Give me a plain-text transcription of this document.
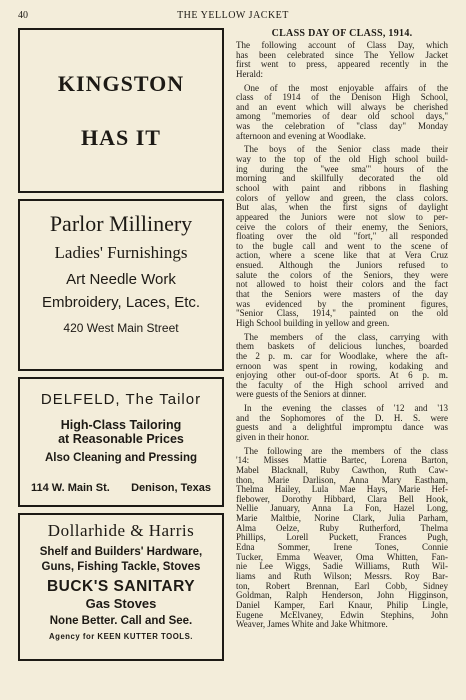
40	THE YELLOW JACKET
KINGSTON
HAS IT
Parlor Millinery
Ladies' Furnishings
Art Needle Work
Embroidery, Laces, Etc.
420 West Main Street
DELFELD, The Tailor
High-Class Tailoring
at Reasonable Prices
Also Cleaning and Pressing
114 W. Main St. Denison, Texas
Dollarhide & Harris
Shelf and Builders' Hardware,
Guns, Fishing Tackle, Stoves
BUCK'S SANITARY
Gas Stoves
None Better. Call and See.
Agency for KEEN KUTTER TOOLS.
CLASS DAY OF CLASS, 1914.
The following account of Class Day, which
has been celebrated since The Yellow Jacket
first went to press, appeared recently in the
Herald:
One of the most enjoyable affairs of the
class of 1914 of the Denison High School,
and an event which will always be cherished
among "memories of dear old school days,"
was the celebration of "class day" Monday
afternoon and evening at Woodlake.
The boys of the Senior class made their
way to the top of the old High school build-
ing during the "wee sma'" hours of the
morning and skillfully decorated the old
school with paint and ribbons in flashing
colors of yellow and green, the class colors.
But alas, when the first signs of daylight
appeared the Juniors were not slow to per-
ceive the colors of their enemy, the Seniors,
floating over the old "fort," all responded
to the bugle call and went to the scene of
action, where a scene like that at Vera Cruz
ensued. Although the Juniors refused to
salute the colors of the Seniors, they were
not allowed to hoist their colors and the fact
that the Seniors were masters of the day
was evidenced by the prominent figures,
"Senior Class, 1914," painted on the old
High School building in yellow and green.
The members of the class, carrying with
them baskets of delicious lunches, boarded
the 2 p. m. car for Woodlake, where the aft-
ernoon was spent in rowing, kodaking and
enjoying other out-of-door sports. At 6 p. m.
the faculty of the High school arrived and
were guests of the Seniors at dinner.
In the evening the classes of '12 and '13
and the Sophomores of the D. H. S. were
guests and a delightful impromptu dance was
given in their honor.
The following are the members of the class
'14: Misses Mattie Bartec, Lorena Barton,
Mabel Blacknall, Ruby Cawthon, Ruth Caw-
thon, Marie Darlison, Anna Mary Eastham,
Thelma Hailey, Lula Mae Hays, Marie Hef-
flebower, Dorothy Hibbard, Clara Bell Hook,
Nellie January, Anna La Fon, Hazel Long,
Marie Maltbie, Norine Clark, Julia Parham,
Alma Oelze, Ruby Rutherford, Thelma
Phillips, Lorell Puckett, Frances Pugh,
Edna Sommer, Irene Tones, Connie
Tucker, Emma Weaver, Oma Whitten, Fan-
nie Lee Wiggs, Sadie Williams, Ruth Wil-
liams and Ruth Wilson; Messrs. Roy Bar-
ton, Robert Brennan, Earl Cobb, Sidney
Goldman, Ralph Henderson, John Higginson,
Daniel Kamper, Earl Knaur, Philip Lingle,
Eugene McElvaney, Edwin Stephins, John
Weaver, James White and Jake Whitmore.
